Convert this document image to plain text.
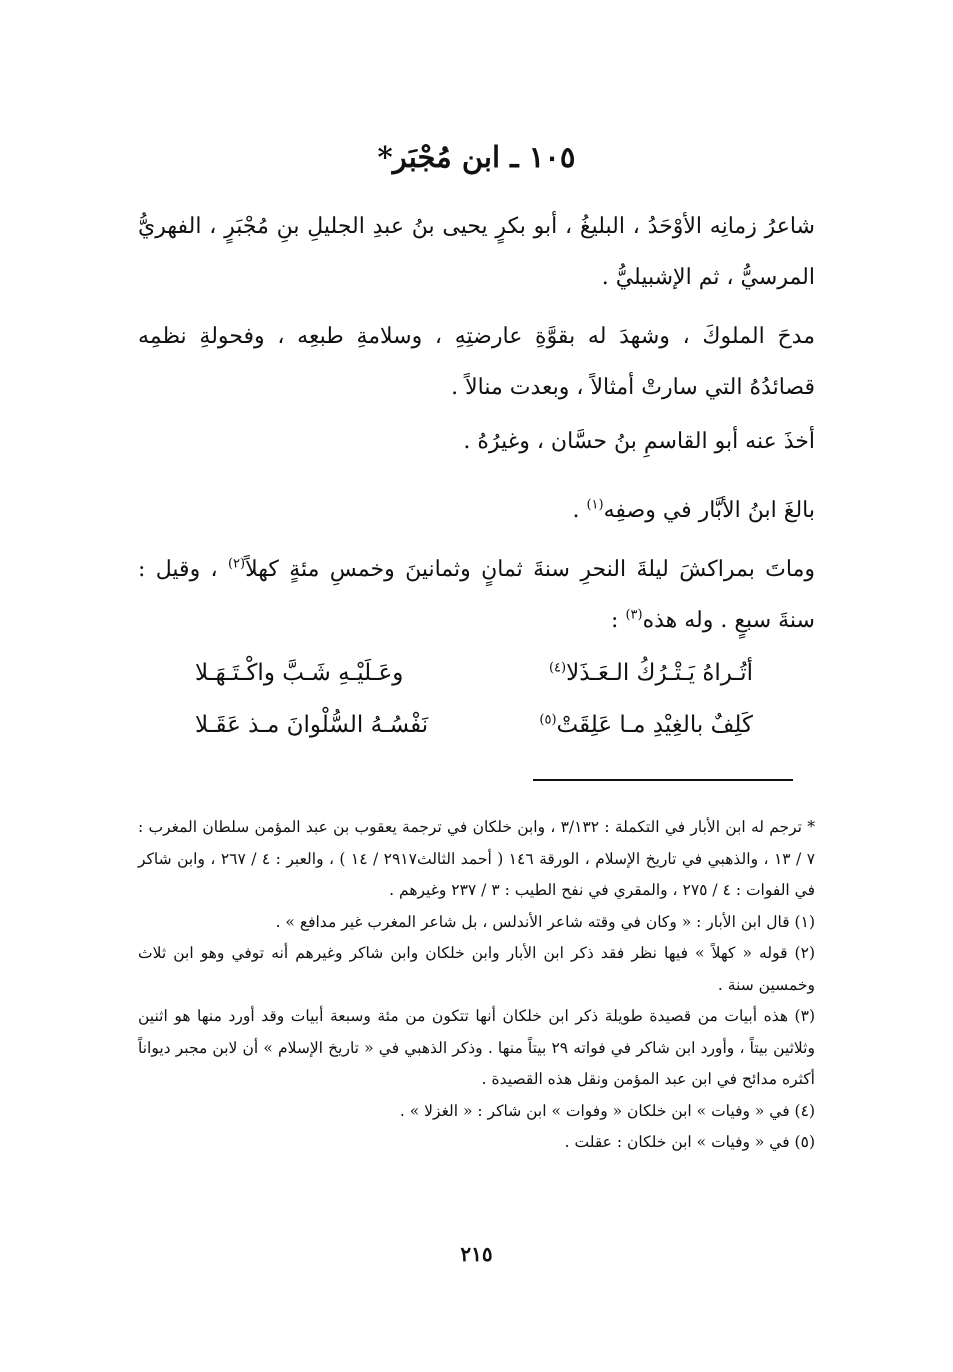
١٠٥ ـ ابن مُجْبَر*
شاعرُ زمانِه الأوْحَدُ ، البليغُ ، أبو بكرٍ يحيى بنُ عبدِ الجليلِ بنِ مُجْبَرٍ ، الفهريُّ المرسيُّ ، ثم الإشبيليُّ .
مدحَ الملوكَ ، وشهدَ له بقوَّةِ عارضتِهِ ، وسلامةِ طبعِه ، وفحولةِ نظمِه قصائدُهُ التي سارتْ أمثالاً ، وبعدت منالاً .
أخذَ عنه أبو القاسمِ بنُ حسَّان ، وغيرُهُ .
بالغَ ابنُ الأبَّار في وصفِه$^{(١)}$ .
وماتَ بمراكشَ ليلةَ النحرِ سنةَ ثمانٍ وثمانينَ وخمسِ مئةٍ كهلاً$^{(٢)}$ ، وقيل : سنةَ سبعٍ . وله هذه$^{(٣)}$ :
أتُـراهُ يَـتْـرُكُ الـعَـذَلا$^{(٤)}$
وعَـلَيْـهِ شَـبَّ واكْـتَـهَـلا
كَلِفٌ بالغِيْدِ مـا عَلِقَتْ$^{(٥)}$
نَفْسُـهُ السُّلْوانَ مـذ عَقَـلا

* ترجم له ابن الأبار في التكملة : ٣/١٣٢ ، وابن خلكان في ترجمة يعقوب بن عبد المؤمن سلطان المغرب : ٧ / ١٣ ، والذهبي في تاريخ الإسلام ، الورقة ١٤٦ ( أحمد الثالث٢٩١٧ / ١٤ ) ، والعبر : ٤ / ٢٦٧ ، وابن شاكر في الفوات : ٤ / ٢٧٥ ، والمقري في نفح الطيب : ٣ / ٢٣٧ وغيرهم .

(١) قال ابن الأبار : « وكان في وقته شاعر الأندلس ، بل شاعر المغرب غير مدافع » .

(٢) قوله « كهلاً » فيها نظر فقد ذكر ابن الأبار وابن خلكان وابن شاكر وغيرهم أنه توفي وهو ابن ثلاث وخمسين سنة .

(٣) هذه أبيات من قصيدة طويلة ذكر ابن خلكان أنها تتكون من مئة وسبعة أبيات وقد أورد منها هو اثنين وثلاثين بيتاً ، وأورد ابن شاكر في فواته ٢٩ بيتاً منها . وذكر الذهبي في « تاريخ الإسلام » أن لابن مجبر ديواناً أكثره مدائح في ابن عبد المؤمن ونقل هذه القصيدة .

(٤) في « وفيات » ابن خلكان « وفوات » ابن شاكر : « الغزلا » .

(٥) في « وفيات » ابن خلكان : عقلت .

٢١٥
